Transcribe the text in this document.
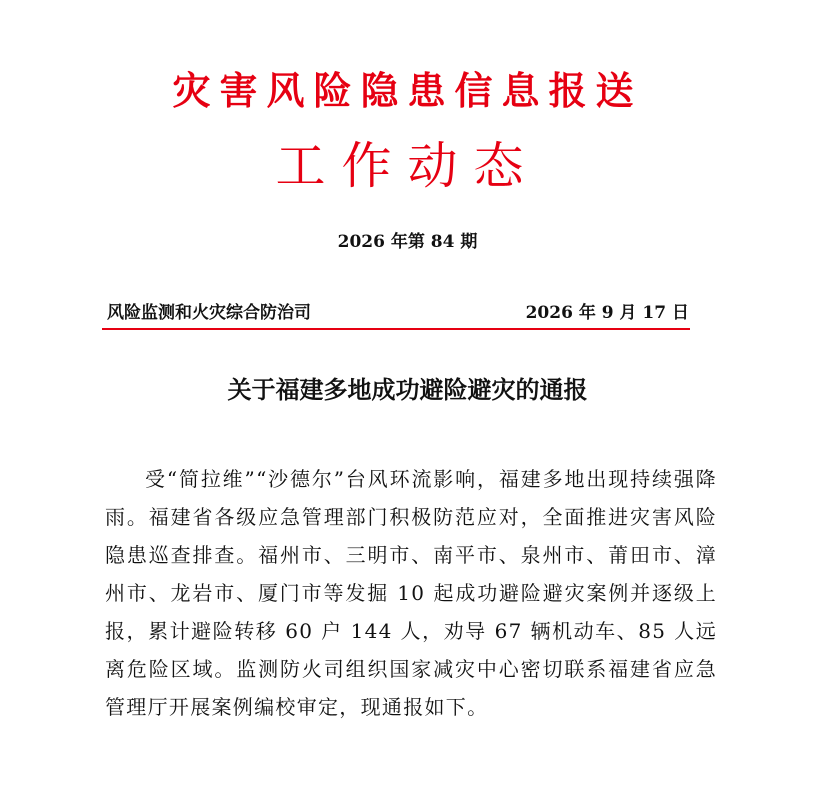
灾害风险隐患信息报送
工作动态
2026 年第 84 期
风险监测和火灾综合防治司	2026 年 9 月 17 日
关于福建多地成功避险避灾的通报

受“简拉维”“沙德尔”台风环流影响，福建多地出现持续强降雨。福建省各级应急管理部门积极防范应对，全面推进灾害风险隐患巡查排查。福州市、三明市、南平市、泉州市、莆田市、漳州市、龙岩市、厦门市等发掘 10 起成功避险避灾案例并逐级上报，累计避险转移 60 户 144 人，劝导 67 辆机动车、85 人远离危险区域。监测防火司组织国家减灾中心密切联系福建省应急管理厅开展案例编校审定，现通报如下。
